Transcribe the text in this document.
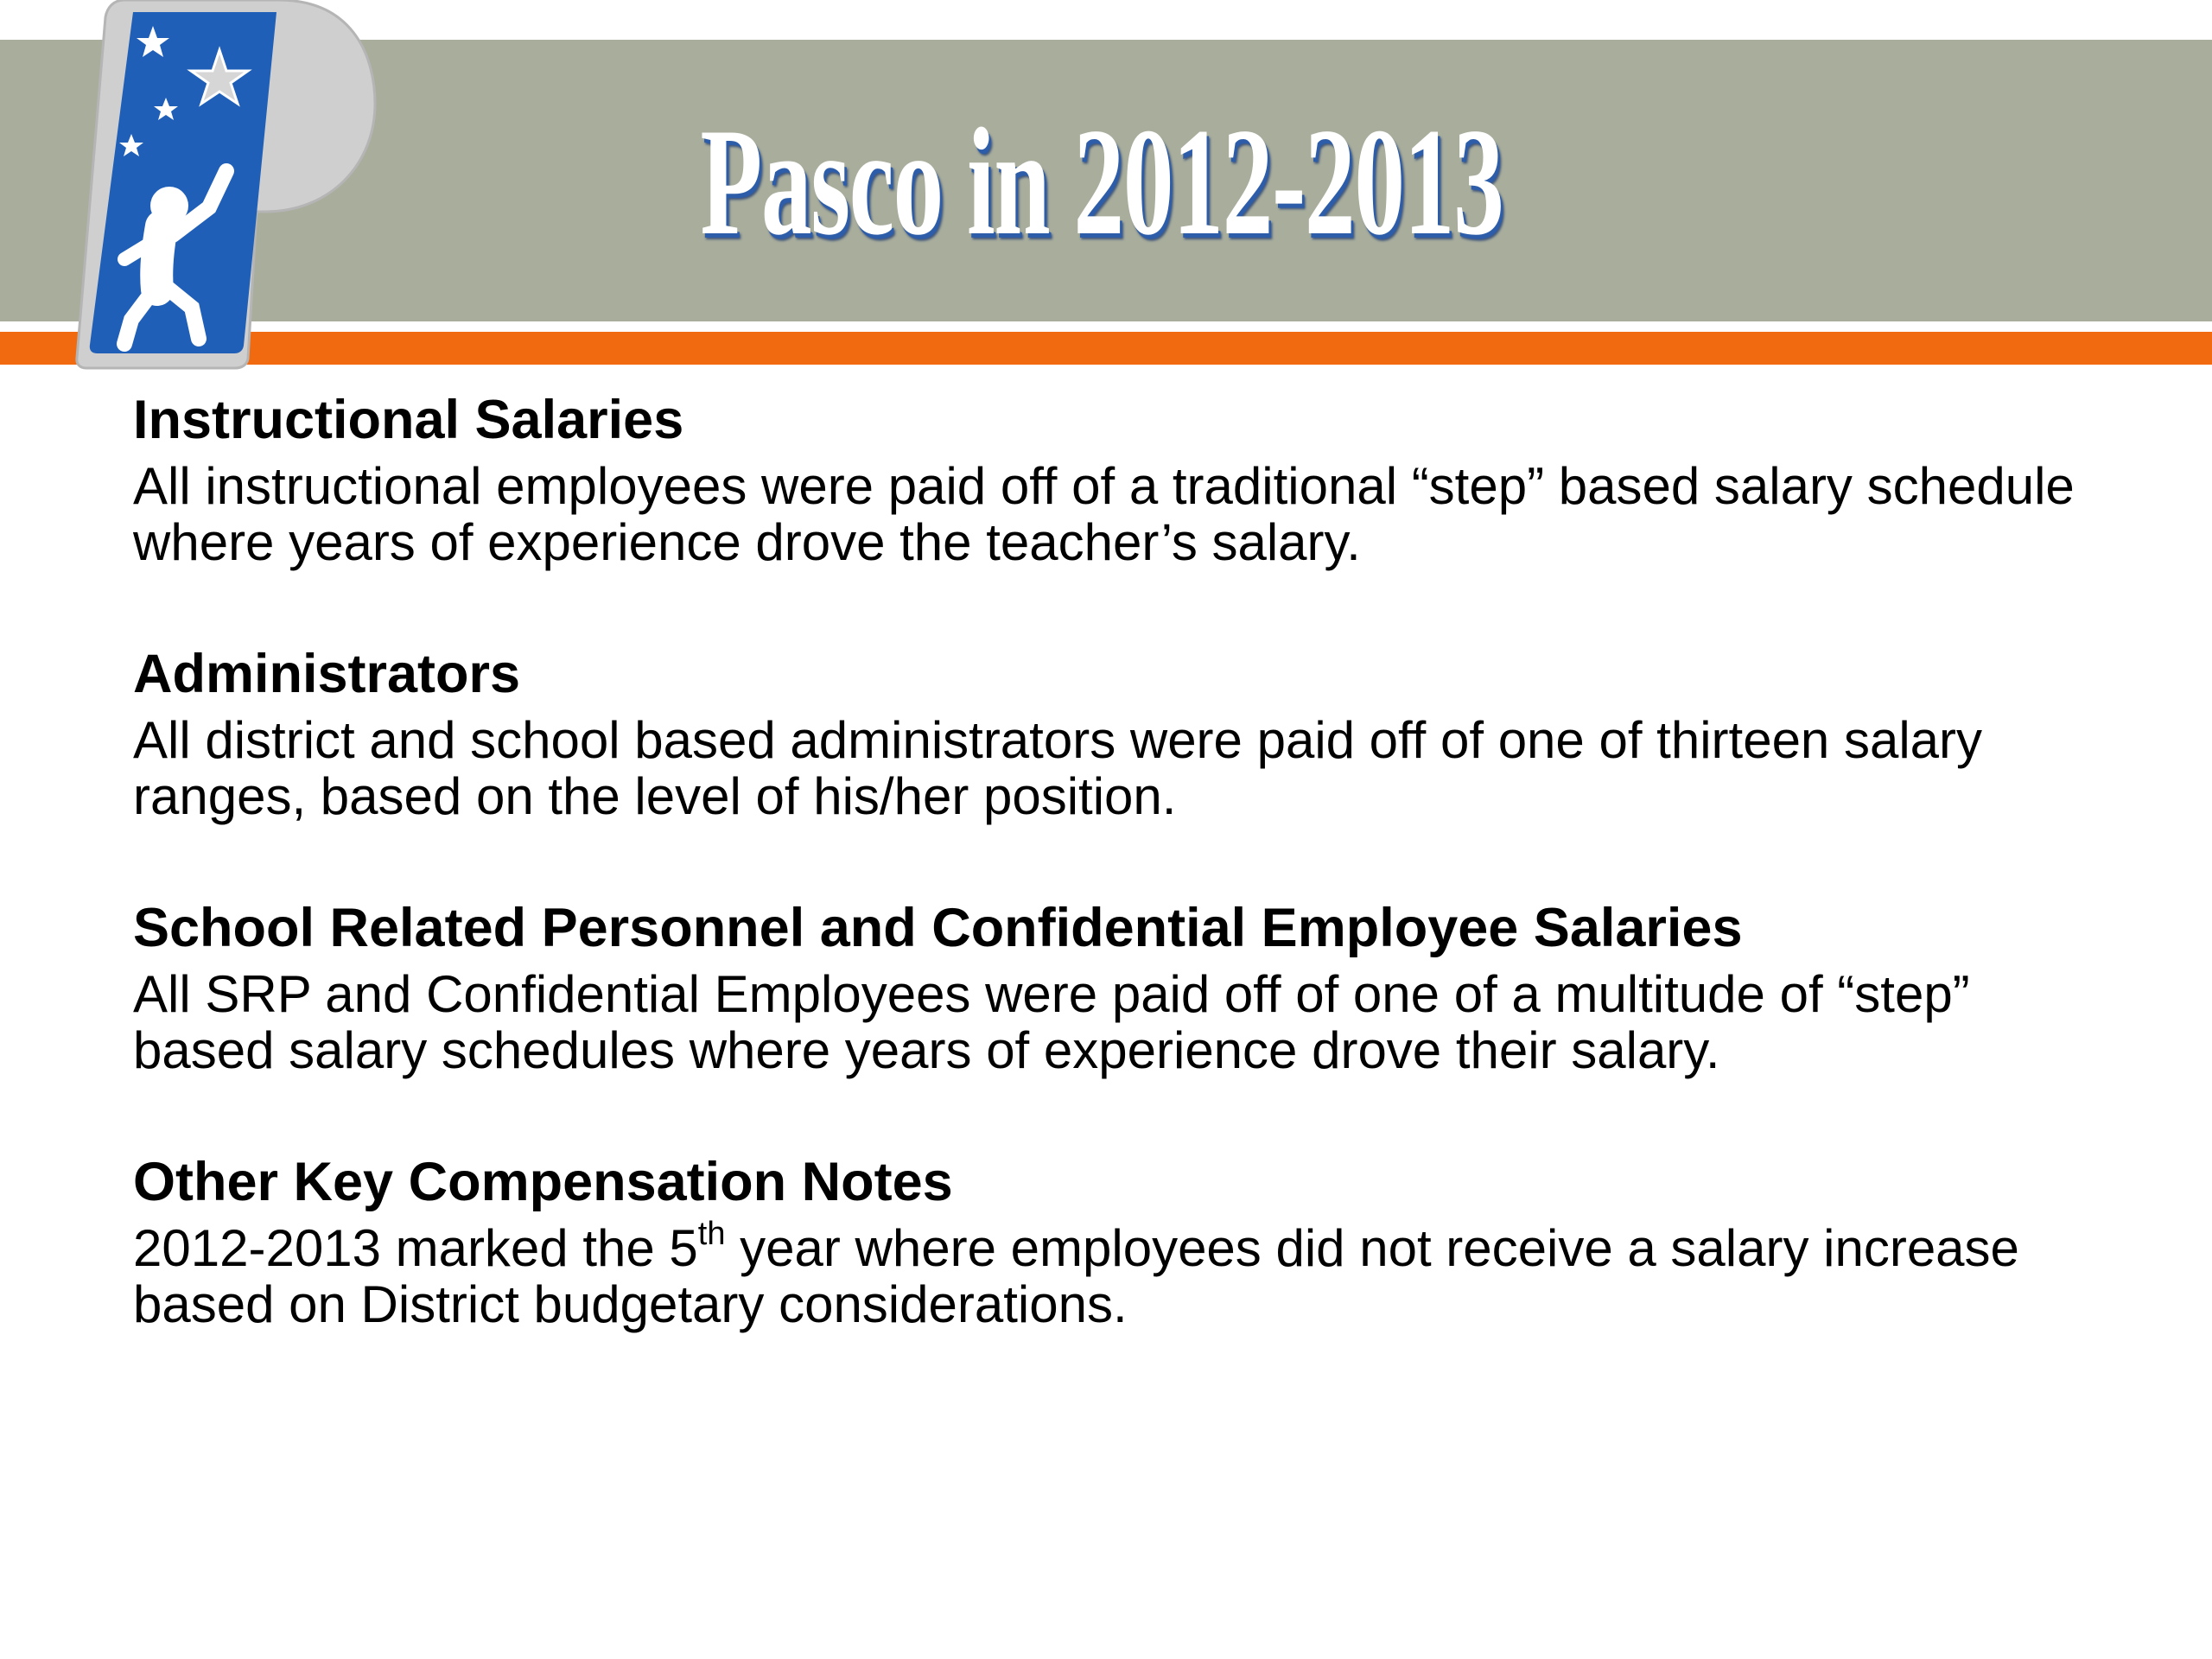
Pasco in 2012-2013

Instructional Salaries

All instructional employees were paid off of a traditional “step” based salary schedule where years of experience drove the teacher’s salary.

Administrators

All district and school based administrators were paid off of one of thirteen salary ranges, based on the level of his/her position.

School Related Personnel and Confidential Employee Salaries

All SRP and Confidential Employees were paid off of one of a multitude of “step” based salary schedules where years of experience drove their salary.

Other Key Compensation Notes

2012-2013 marked the 5th year where employees did not receive a salary increase based on District budgetary considerations.
